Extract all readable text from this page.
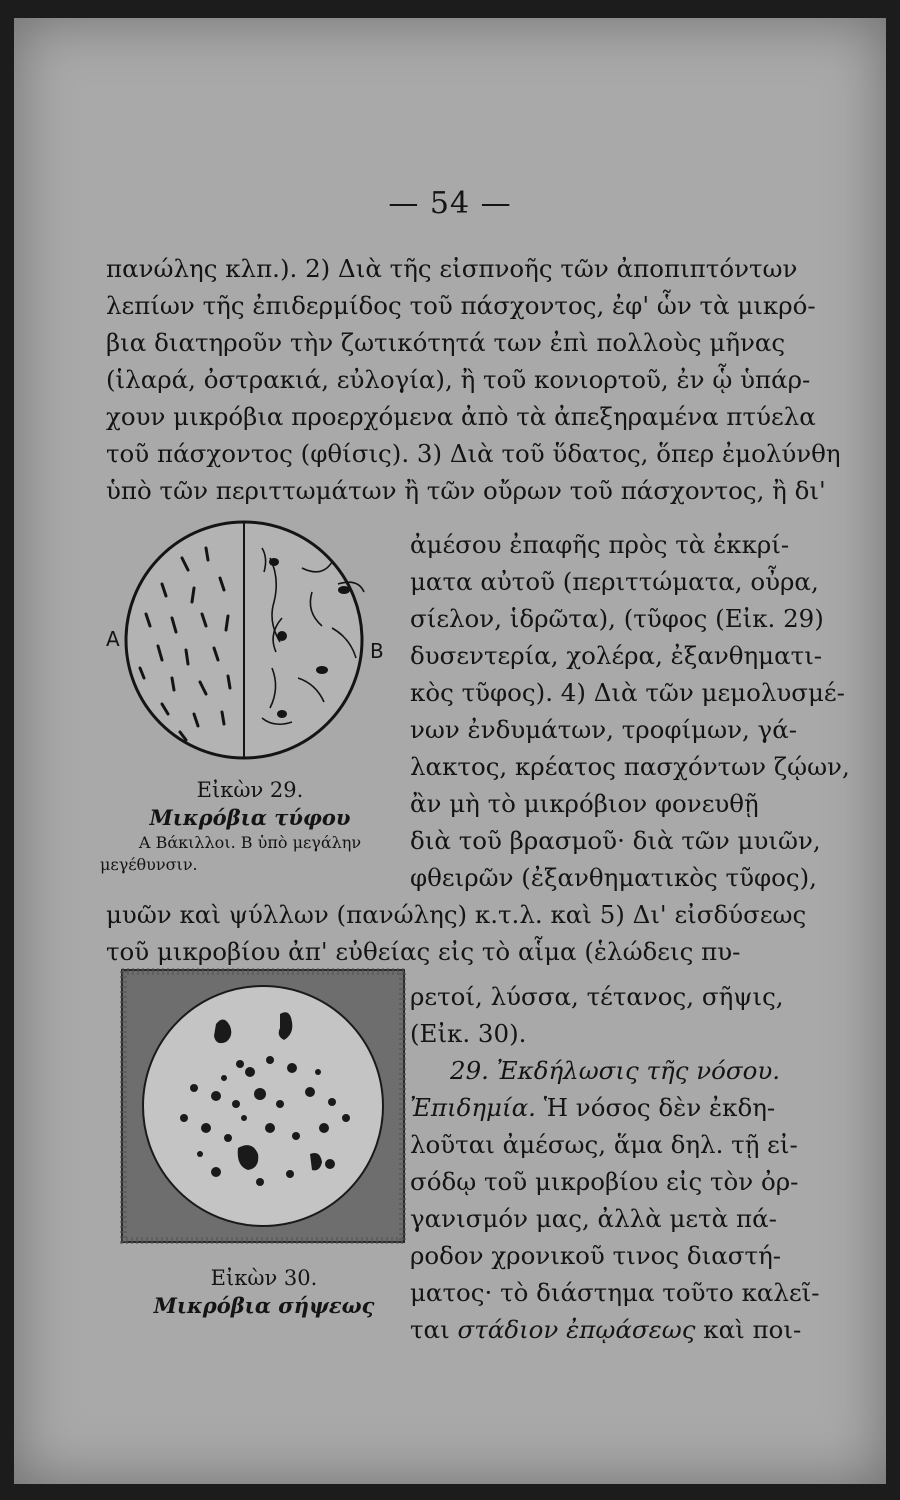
— 54 —
πανώλης κλπ.). 2) Διὰ τῆς εἰσπνοῆς τῶν ἀποπιπτόντων
λεπίων τῆς ἐπιδερμίδος τοῦ πάσχοντος, ἐφ' ὧν τὰ μικρό-
βια διατηροῦν τὴν ζωτικότητά των ἐπὶ πολλοὺς μῆνας
(ἱλαρά, ὀστρακιά, εὐλογία), ἢ τοῦ κονιορτοῦ, ἐν ᾧ ὑπάρ-
χουν μικρόβια προερχόμενα ἀπὸ τὰ ἀπεξηραμένα πτύελα
τοῦ πάσχοντος (φθίσις). 3) Διὰ τοῦ ὕδατος, ὅπερ ἐμολύνθη
ὑπὸ τῶν περιττωμάτων ἢ τῶν οὔρων τοῦ πάσχοντος, ἢ δι'
A	B
Εἰκὼν 29.
Μικρόβια τύφου
Α Βάκιλλοι. Β ὑπὸ μεγάλην
μεγέθυνσιν.
ἀμέσου ἐπαφῆς πρὸς τὰ ἐκκρί-
ματα αὐτοῦ (περιττώματα, οὖρα,
σίελον, ἱδρῶτα), (τῦφος (Εἰκ. 29)
δυσεντερία, χολέρα, ἐξανθηματι-
κὸς τῦφος). 4) Διὰ τῶν μεμολυσμέ-
νων ἐνδυμάτων, τροφίμων, γά-
λακτος, κρέατος πασχόντων ζῴων,
ἂν μὴ τὸ μικρόβιον φονευθῇ
διὰ τοῦ βρασμοῦ· διὰ τῶν μυιῶν,
φθειρῶν (ἐξανθηματικὸς τῦφος),
μυῶν καὶ ψύλλων (πανώλης) κ.τ.λ. καὶ 5) Δι' εἰσδύσεως
τοῦ μικροβίου ἀπ' εὐθείας εἰς τὸ αἷμα (ἑλώδεις πυ-
Εἰκὼν 30.
Μικρόβια σήψεως
ρετοί, λύσσα, τέτανος, σῆψις,
(Εἰκ. 30).
29. Ἐκδήλωσις τῆς νόσου.
Ἐπιδημία. Ἡ νόσος δὲν ἐκδη-
λοῦται ἀμέσως, ἅμα δηλ. τῇ εἰ-
σόδῳ τοῦ μικροβίου εἰς τὸν ὀρ-
γανισμόν μας, ἀλλὰ μετὰ πά-
ροδον χρονικοῦ τινος διαστή-
ματος· τὸ διάστημα τοῦτο καλεῖ-
ται στάδιον ἐπῳάσεως καὶ ποι-
